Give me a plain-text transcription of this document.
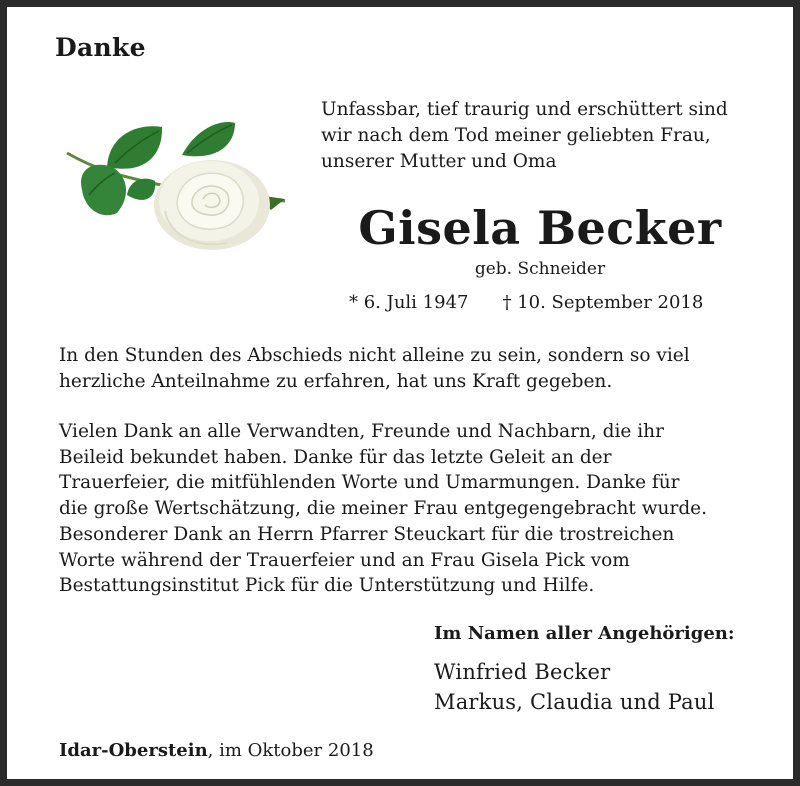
Danke
Unfassbar, tief traurig und erschüttert sind
wir nach dem Tod meiner geliebten Frau,
unserer Mutter und Oma
Gisela Becker
geb. Schneider
* 6. Juli 1947 † 10. September 2018
In den Stunden des Abschieds nicht alleine zu sein, sondern so viel
herzliche Anteilnahme zu erfahren, hat uns Kraft gegeben.
Vielen Dank an alle Verwandten, Freunde und Nachbarn, die ihr
Beileid bekundet haben. Danke für das letzte Geleit an der
Trauerfeier, die mitfühlenden Worte und Umarmungen. Danke für
die große Wertschätzung, die meiner Frau entgegengebracht wurde.
Besonderer Dank an Herrn Pfarrer Steuckart für die trostreichen
Worte während der Trauerfeier und an Frau Gisela Pick vom
Bestattungsinstitut Pick für die Unterstützung und Hilfe.
Im Namen aller Angehörigen:
Winfried Becker
Markus, Claudia und Paul
Idar-Oberstein, im Oktober 2018
